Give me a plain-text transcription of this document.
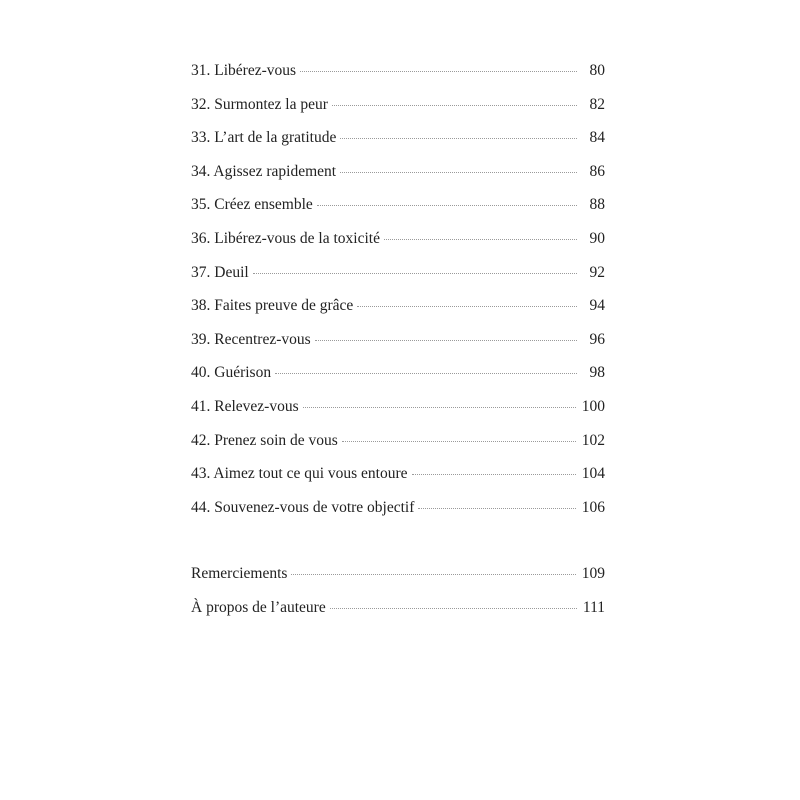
31. Libérez-vous	80
32. Surmontez la peur	82
33. L’art de la gratitude	84
34. Agissez rapidement	86
35. Créez ensemble	88
36. Libérez-vous de la toxicité	90
37. Deuil	92
38. Faites preuve de grâce	94
39. Recentrez-vous	96
40. Guérison	98
41. Relevez-vous	100
42. Prenez soin de vous	102
43. Aimez tout ce qui vous entoure	104
44. Souvenez-vous de votre objectif	106
Remerciements	109
À propos de l’auteure	111
